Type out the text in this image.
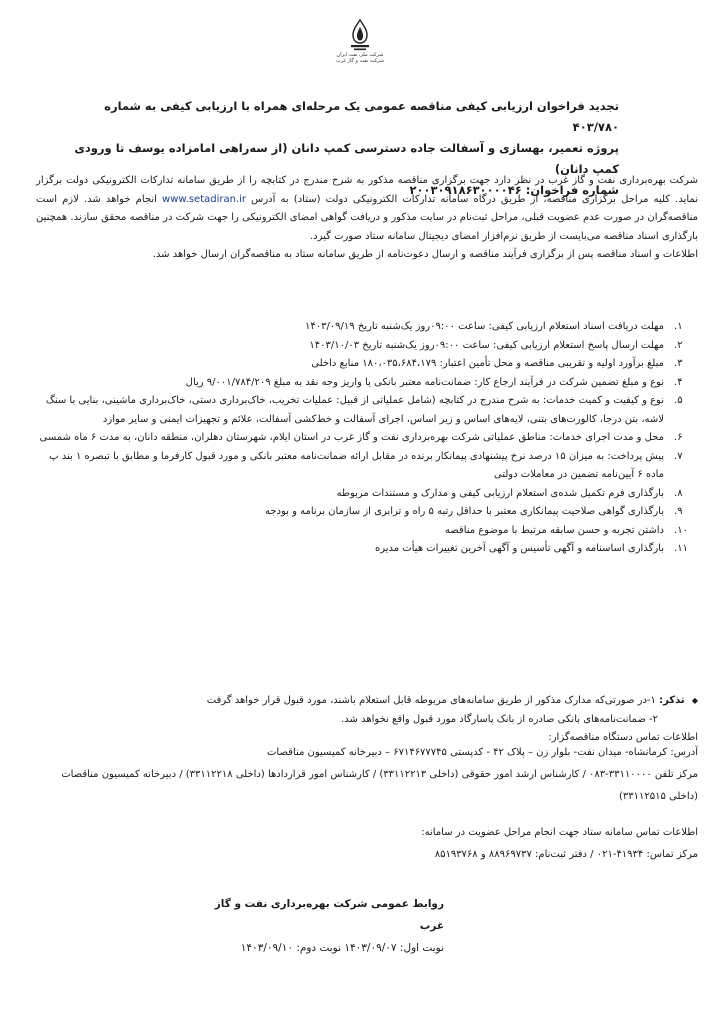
شرکت ملی نفت ایران
شرکت نفت و گاز غرب
تجدید فراخوان ارزیابی کیفی مناقصه عمومی یک مرحله‌ای همراه با ارزیابی کیفی به شماره ۴۰۳/۷۸۰
پروژه تعمیر، بهسازی و آسفالت جاده دسترسی کمپ دانان (از سه‌راهی امامزاده یوسف تا ورودی کمپ دانان)
شماره فراخوان: ۲۰۰۳۰۹۱۸۶۳۰۰۰۰۴۶

شرکت بهره‌برداری نفت و گاز غرب در نظر دارد جهت برگزاری مناقصه مذکور به شرح مندرج در کتابچه را از طریق سامانه تدارکات الکترونیکی دولت برگزار نماید. کلیه مراحل برگزاری مناقصه، از طریق درگاه سامانه تدارکات الکترونیکی دولت (ستاد) به آدرس www.setadiran.ir انجام خواهد شد. لازم است مناقصه‌گران در صورت عدم عضویت قبلی، مراحل ثبت‌نام در سایت مذکور و دریافت گواهی امضای الکترونیکی را جهت شرکت در مناقصه محقق سازند. همچنین بارگذاری اسناد مناقصه می‌بایست از طریق نرم‌افزار امضای دیجیتال سامانه ستاد صورت گیرد.

اطلاعات و اسناد مناقصه پس از برگزاری فرآیند مناقصه و ارسال دعوت‌نامه از طریق سامانه ستاد به مناقصه‌گران ارسال خواهد شد.

۱.
مهلت دریافت اسناد استعلام ارزیابی کیفی: ساعت ۰۹:۰۰روز یک‌شنبه تاریخ ۱۴۰۳/۰۹/۱۹
۲.
مهلت ارسال پاسخ استعلام ارزیابی کیفی: ساعت ۰۹:۰۰روز یک‌شنبه تاریخ ۱۴۰۳/۱۰/۰۳
۳.
مبلغ برآورد اولیه و تقریبی مناقصه و محل تأمین اعتبار: ۱۸۰،۰۳۵،۶۸۴،۱۷۹ منابع داخلی
۴.
نوع و مبلغ تضمین شرکت در فرآیند ارجاع کار: ضمانت‌نامه معتبر بانکی یا واریز وجه نقد به مبلغ ۹/۰۰۱/۷۸۴/۲۰۹ ریال
۵.
نوع و کیفیت و کمیت خدمات: به شرح مندرج در کتابچه (شامل عملیاتی از قبیل: عملیات تخریب، خاک‌برداری دستی، خاک‌برداری ماشینی، بنایی با سنگ لاشه، بتن درجا، کالورت‌های بتنی، لایه‌های اساس و زیر اساس، اجرای آسفالت و خط‌کشی آسفالت، علائم و تجهیزات ایمنی و سایر موارد
۶.
محل و مدت اجرای خدمات: مناطق عملیاتی شرکت بهره‌برداری نفت و گاز غرب در استان ایلام، شهرستان دهلران، منطقه دانان، به مدت ۶ ماه شمسی
۷.
پیش پرداخت: به میزان ۱۵ درصد نرخ پیشنهادی پیمانکار برنده در مقابل ارائه ضمانت‌نامه معتبر بانکی و مورد قبول کارفرما و مطابق با تبصره ۱ بند پ ماده ۶ آیین‌نامه تضمین در معاملات دولتی
۸.
بارگذاری فرم تکمیل شده‌ی استعلام ارزیابی کیفی و مدارک و مستندات مربوطه
۹.
بارگذاری گواهی صلاحیت پیمانکاری معتبر با حداقل رتبه ۵ راه و ترابری از سازمان برنامه و بودجه
۱۰.
داشتن تجربه و حسن سابقه مرتبط با موضوع مناقصه
۱۱.
بارگذاری اساسنامه و آگهی تأسیس و آگهی آخرین تغییرات هیأت مدیره
◆ تذکر: ۱-در صورتی‌که مدارک مذکور از طریق سامانه‌های مربوطه قابل استعلام باشند، مورد قبول قرار خواهد گرفت
۲- ضمانت‌نامه‌های بانکی صادره از بانک پاسارگاد مورد قبول واقع نخواهد شد.
اطلاعات تماس دستگاه مناقصه‌گزار:

آدرس: کرمانشاه- میدان نفت- بلوار زن – پلاک ۴۲ - کدپستی ۶۷۱۴۶۷۷۷۴۵ – دبیرخانه کمیسیون مناقصات

مرکز تلفن ۳۳۱۱۰۰۰۰-۰۸۳ / کارشناس ارشد امور حقوقی (داخلی ۳۳۱۱۲۲۱۳) / کارشناس امور قراردادها (داخلی ۳۳۱۱۲۲۱۸) / دبیرخانه کمیسیون مناقصات (داخلی ۳۳۱۱۲۵۱۵)

اطلاعات تماس سامانه ستاد جهت انجام مراحل عضویت در سامانه:

مرکز تماس: ۴۱۹۳۴-۰۲۱ / دفتر ثبت‌نام: ۸۸۹۶۹۷۳۷ و ۸۵۱۹۳۷۶۸

روابط عمومی شرکت بهره‌برداری نفت و گاز غرب
نوبت اول: ۱۴۰۳/۰۹/۰۷ نوبت دوم: ۱۴۰۳/۰۹/۱۰
